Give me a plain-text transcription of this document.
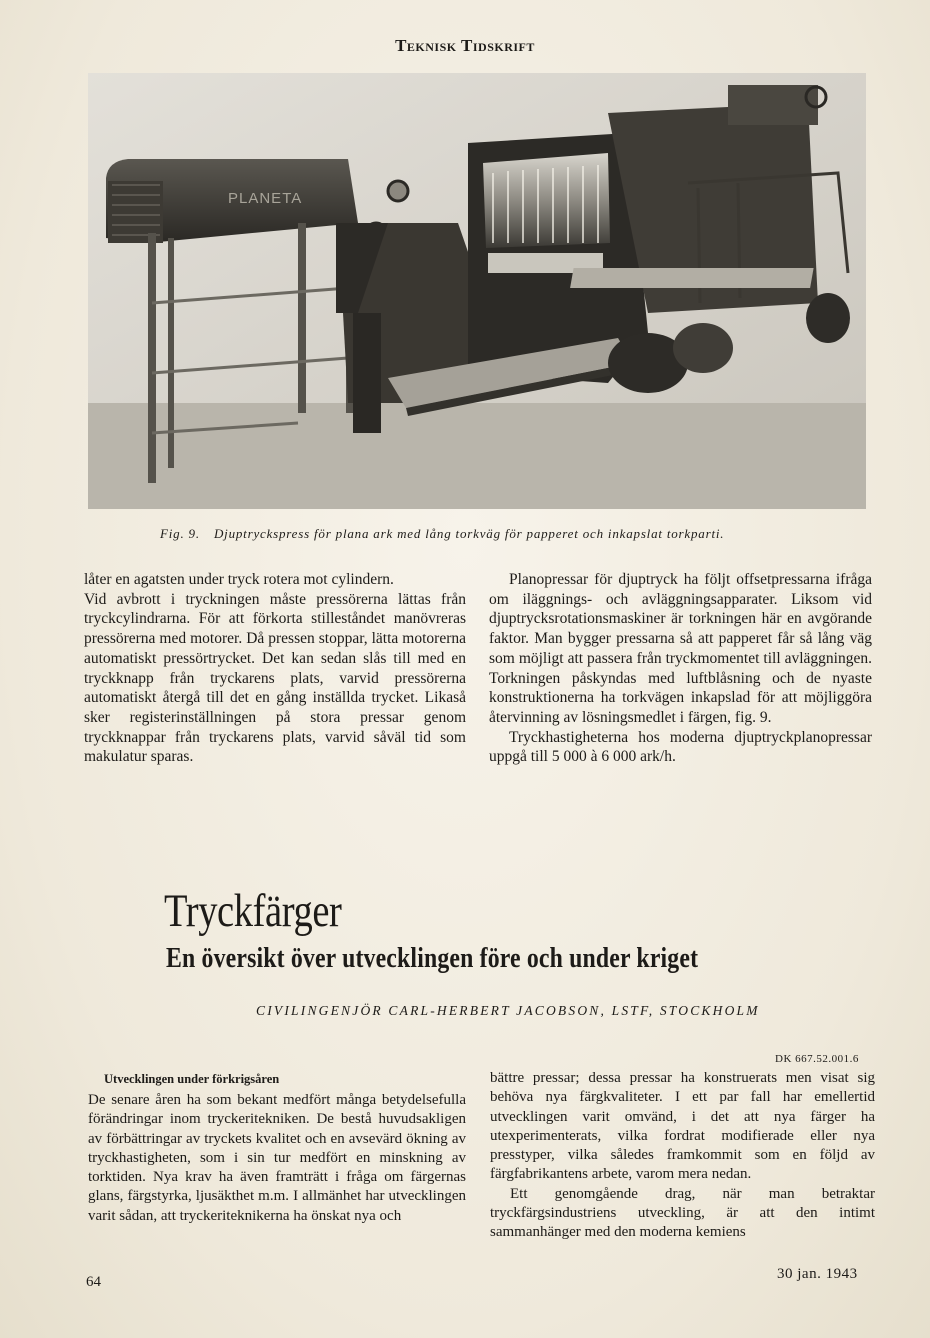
Teknisk Tidskrift
PLANETA
Fig. 9. Djuptryckspress för plana ark med lång torkväg för papperet och inkapslat torkparti.

låter en agatsten under tryck rotera mot cylindern.

Vid avbrott i tryckningen måste pressörerna lättas från tryckcylindrarna. För att förkorta stilleståndet manövreras pressörerna med motorer. Då pressen stoppar, lätta motorerna automatiskt pressörtrycket. Det kan sedan slås till med en tryckknapp från tryckarens plats, varvid pressörerna automatiskt återgå till det en gång inställda trycket. Likaså sker registerinställningen på stora pressar genom tryckknappar från tryckarens plats, varvid såväl tid som makulatur sparas.

Planopressar för djuptryck ha följt offsetpressarna ifråga om iläggnings- och avläggningsapparater. Liksom vid djuptrycksrotationsmaskiner är torkningen här en avgörande faktor. Man bygger pressarna så att papperet får så lång väg som möjligt att passera från tryckmomentet till avläggningen. Torkningen påskyndas med luftblåsning och de nyaste konstruktionerna ha torkvägen inkapslad för att möjliggöra återvinning av lösningsmedlet i färgen, fig. 9.

Tryckhastigheterna hos moderna djuptryckplanopressar uppgå till 5 000 à 6 000 ark/h.

Tryckfärger
En översikt över utvecklingen före och under kriget
CIVILINGENJÖR CARL-HERBERT JACOBSON, LSTF, STOCKHOLM
DK 667.52.001.6
Utvecklingen under förkrigsåren

De senare åren ha som bekant medfört många betydelsefulla förändringar inom tryckeritekniken. De bestå huvudsakligen av förbättringar av tryckets kvalitet och en avsevärd ökning av tryckhastigheten, som i sin tur medfört en minskning av torktiden. Nya krav ha även framträtt i fråga om färgernas glans, färgstyrka, ljusäkthet m.m. I allmänhet har utvecklingen varit sådan, att tryckeriteknikerna ha önskat nya och

bättre pressar; dessa pressar ha konstruerats men visat sig behöva nya färgkvaliteter. I ett par fall har emellertid utvecklingen varit omvänd, i det att nya färger ha utexperimenterats, vilka fordrat modifierade eller nya presstyper, vilka således framkommit som en följd av färgfabrikantens arbete, varom mera nedan.

Ett genomgående drag, när man betraktar tryckfärgsindustriens utveckling, är att den intimt sammanhänger med den moderna kemiens

64	30 jan. 1943
